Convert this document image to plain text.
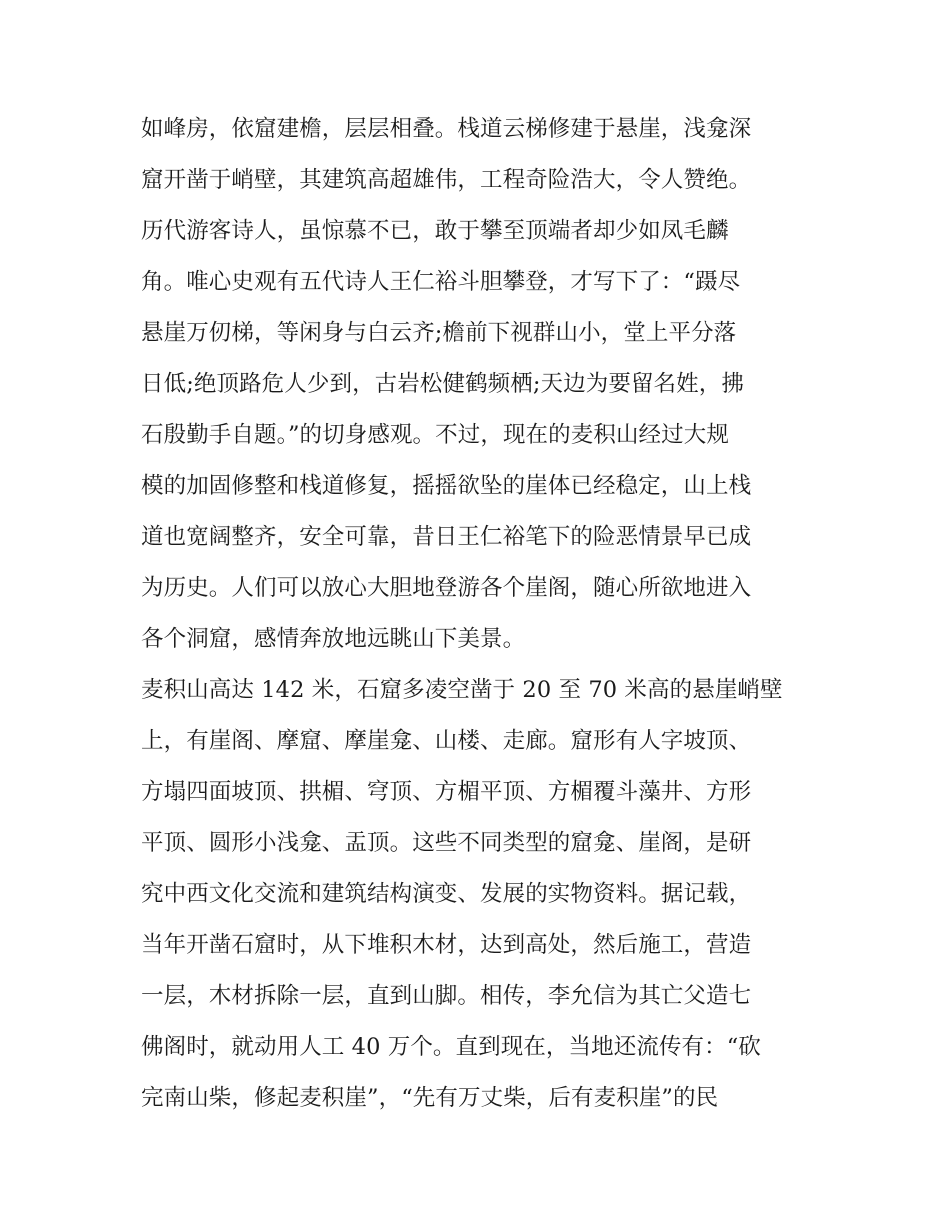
如峰房，依窟建檐，层层相叠。栈道云梯修建于悬崖，浅龛深
窟开凿于峭壁，其建筑高超雄伟，工程奇险浩大，令人赞绝。
历代游客诗人，虽惊慕不已，敢于攀至顶端者却少如凤毛麟
角。唯心史观有五代诗人王仁裕斗胆攀登，才写下了：“蹑尽
悬崖万仞梯，等闲身与白云齐;檐前下视群山小，堂上平分落
日低;绝顶路危人少到，古岩松健鹤频栖;天边为要留名姓，拂
石殷勤手自题。”的切身感观。不过，现在的麦积山经过大规
模的加固修整和栈道修复，摇摇欲坠的崖体已经稳定，山上栈
道也宽阔整齐，安全可靠，昔日王仁裕笔下的险恶情景早已成
为历史。人们可以放心大胆地登游各个崖阁，随心所欲地进入
各个洞窟，感情奔放地远眺山下美景。
麦积山高达 142 米，石窟多凌空凿于 20 至 70 米高的悬崖峭壁
上，有崖阁、摩窟、摩崖龛、山楼、走廊。窟形有人字坡顶、
方塌四面坡顶、拱楣、穹顶、方楣平顶、方楣覆斗藻井、方形
平顶、圆形小浅龛、盂顶。这些不同类型的窟龛、崖阁，是研
究中西文化交流和建筑结构演变、发展的实物资料。据记载，
当年开凿石窟时，从下堆积木材，达到高处，然后施工，营造
一层，木材拆除一层，直到山脚。相传，李允信为其亡父造七
佛阁时，就动用人工 40 万个。直到现在，当地还流传有：“砍
完南山柴，修起麦积崖”，“先有万丈柴，后有麦积崖”的民
